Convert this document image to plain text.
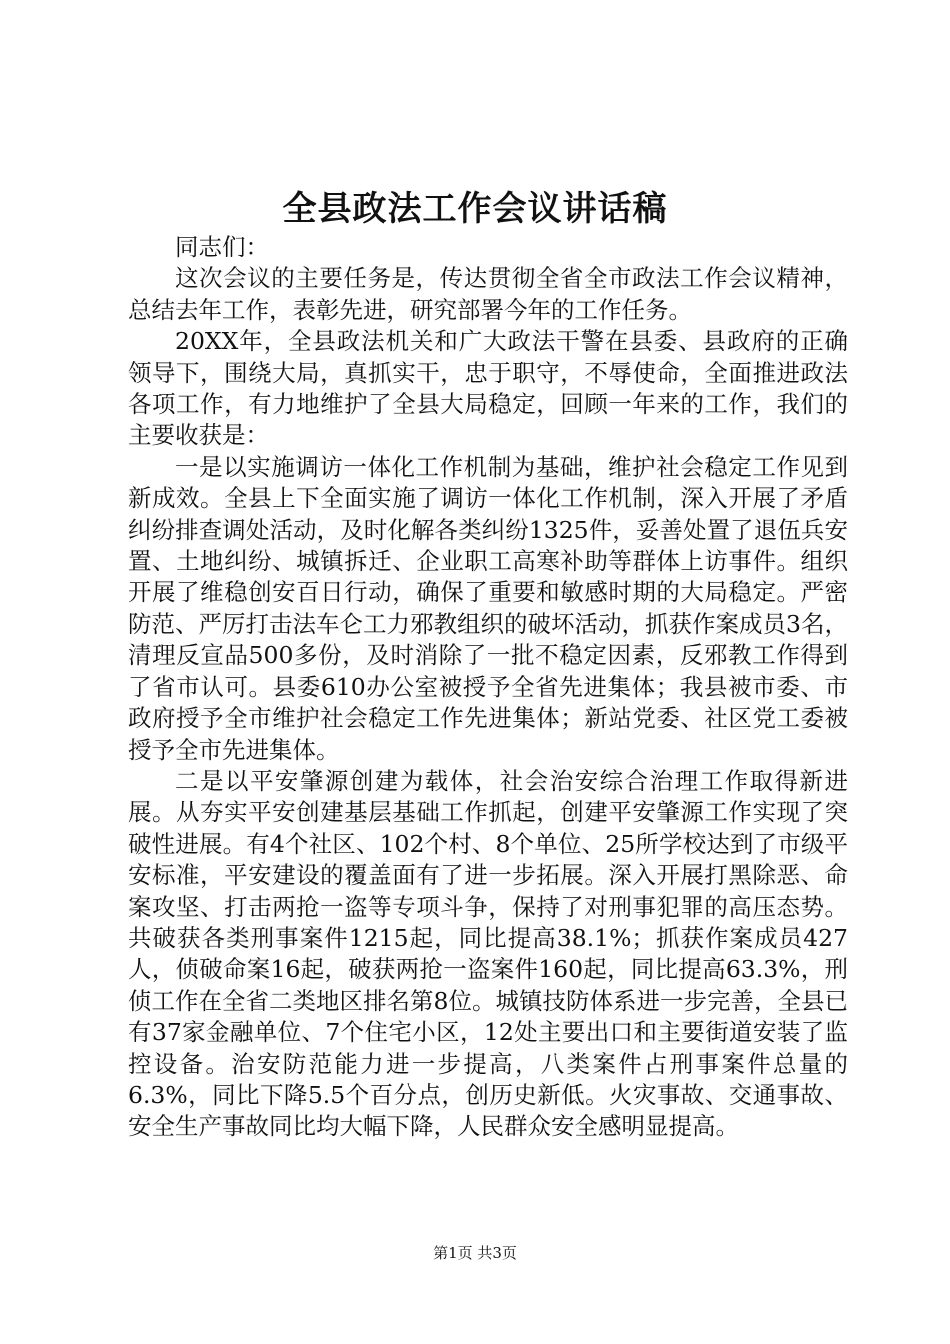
全县政法工作会议讲话稿

同志们：

这次会议的主要任务是，传达贯彻全省全市政法工作会议精神，总结去年工作，表彰先进，研究部署今年的工作任务。

20XX年，全县政法机关和广大政法干警在县委、县政府的正确领导下，围绕大局，真抓实干，忠于职守，不辱使命，全面推进政法各项工作，有力地维护了全县大局稳定，回顾一年来的工作，我们的主要收获是：

一是以实施调访一体化工作机制为基础，维护社会稳定工作见到新成效。全县上下全面实施了调访一体化工作机制，深入开展了矛盾纠纷排查调处活动，及时化解各类纠纷1325件，妥善处置了退伍兵安置、土地纠纷、城镇拆迁、企业职工高寒补助等群体上访事件。组织开展了维稳创安百日行动，确保了重要和敏感时期的大局稳定。严密防范、严厉打击法车仑工力邪教组织的破坏活动，抓获作案成员3名，清理反宣品500多份，及时消除了一批不稳定因素，反邪教工作得到了省市认可。县委610办公室被授予全省先进集体；我县被市委、市政府授予全市维护社会稳定工作先进集体；新站党委、社区党工委被授予全市先进集体。

二是以平安肇源创建为载体，社会治安综合治理工作取得新进展。从夯实平安创建基层基础工作抓起，创建平安肇源工作实现了突破性进展。有4个社区、102个村、8个单位、25所学校达到了市级平安标准，平安建设的覆盖面有了进一步拓展。深入开展打黑除恶、命案攻坚、打击两抢一盗等专项斗争，保持了对刑事犯罪的高压态势。共破获各类刑事案件1215起，同比提高38.1%；抓获作案成员427人，侦破命案16起，破获两抢一盗案件160起，同比提高63.3%，刑侦工作在全省二类地区排名第8位。城镇技防体系进一步完善，全县已有37家金融单位、7个住宅小区，12处主要出口和主要街道安装了监控设备。治安防范能力进一步提高，八类案件占刑事案件总量的6.3%，同比下降5.5个百分点，创历史新低。火灾事故、交通事故、安全生产事故同比均大幅下降，人民群众安全感明显提高。

第1页 共3页
